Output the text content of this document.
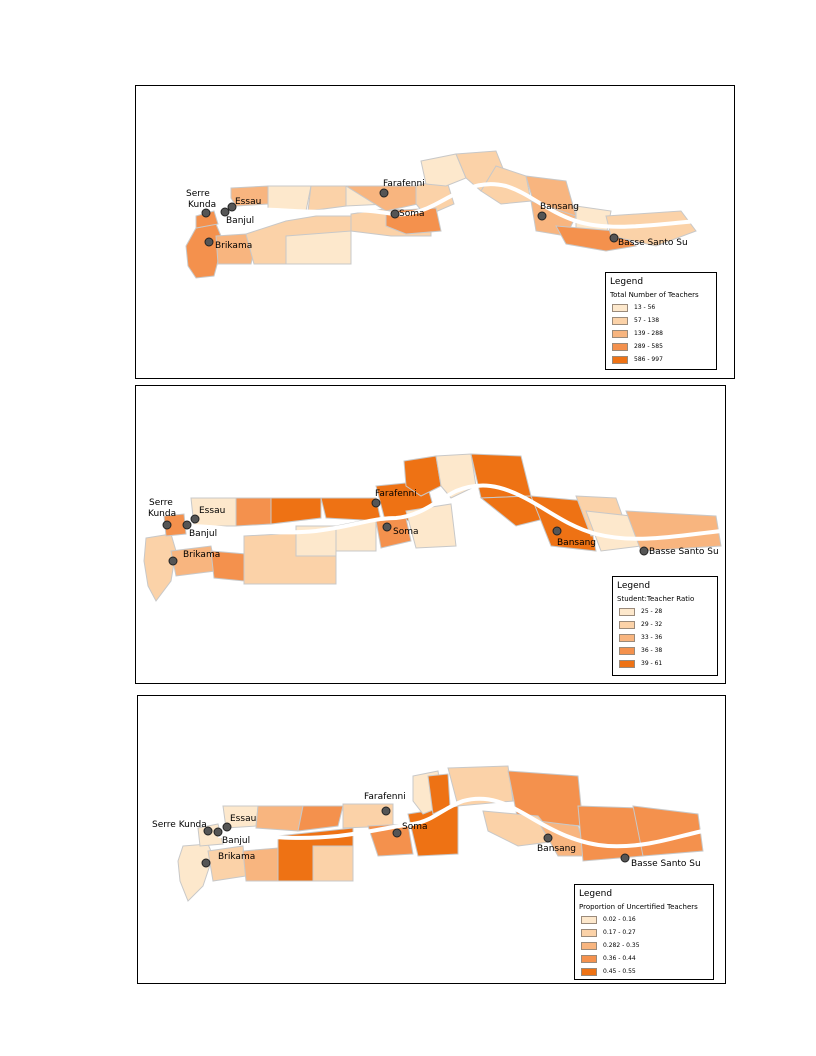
Serre
Kunda Essau
Banjul
Brikama
Farafenni
Soma
Bansang
Basse Santo Su
Legend
Total Number of Teachers
13 - 56
57 - 138
139 - 288
289 - 585
586 - 997
Serre
Kunda	Essau
Banjul
Brikama
Farafenni
Soma
Bansang
Basse Santo Su
Legend
Student:Teacher Ratio
25 - 28
29 - 32
33 - 36
36 - 38
39 - 61
Serre Kunda
Essau
Banjul
Brikama
Farafenni
Soma
Bansang
Basse Santo Su
Legend
Proportion of Uncertified Teachers
0.02 - 0.16
0.17 - 0.27
0.282 - 0.35
0.36 - 0.44
0.45 - 0.55
